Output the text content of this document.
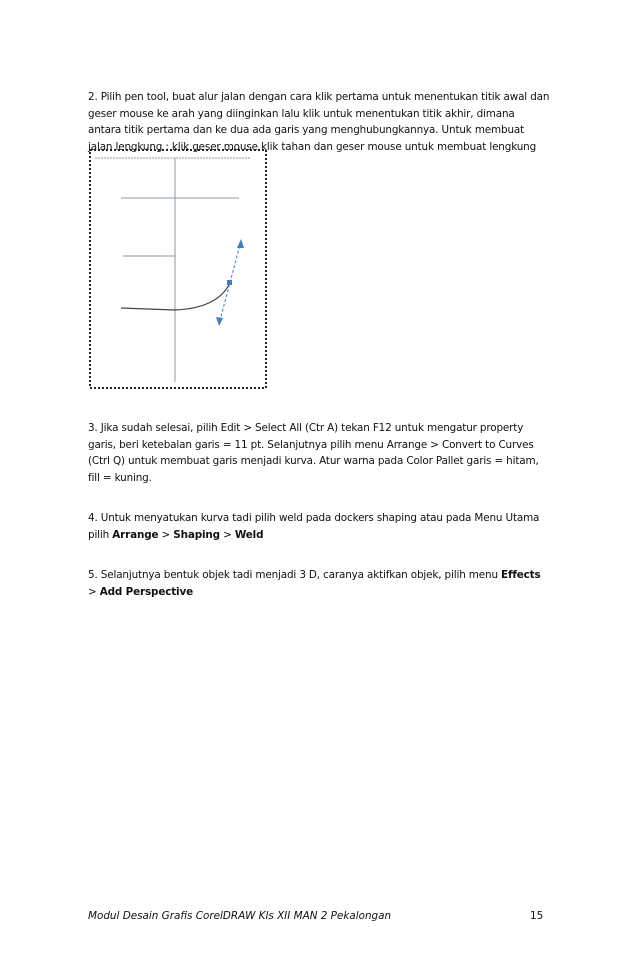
2. Pilih pen tool, buat alur jalan dengan cara klik pertama untuk menentukan titik awal dan geser mouse ke arah yang diinginkan lalu klik untuk menentukan titik akhir, dimana antara titik pertama dan ke dua ada garis yang menghubungkannya. Untuk membuat jalan lengkung : klik geser mouse klik tahan dan geser mouse untuk membuat lengkung
3. Jika sudah selesai, pilih Edit > Select All (Ctr A) tekan F12 untuk mengatur property garis, beri ketebalan garis = 11 pt. Selanjutnya pilih menu Arrange > Convert to Curves (Ctrl Q) untuk membuat garis menjadi kurva. Atur warna pada Color Pallet garis = hitam, fill = kuning.
4. Untuk menyatukan kurva tadi pilih weld pada dockers shaping atau pada Menu Utama pilih Arrange > Shaping > Weld
5. Selanjutnya bentuk objek tadi menjadi 3 D, caranya aktifkan objek, pilih menu Effects > Add Perspective
Modul Desain Grafis CorelDRAW Kls XII MAN 2 Pekalongan	15
